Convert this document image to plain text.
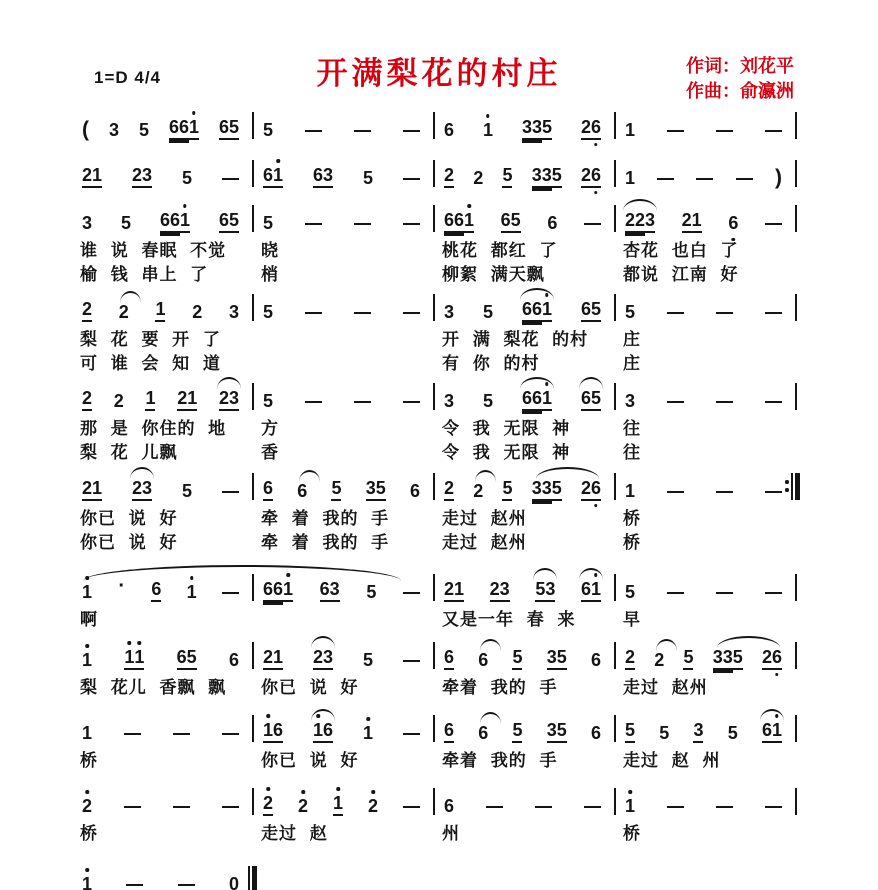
1=D 4/4	开满梨花的村庄	作词：刘花平
作曲：俞瀛洲
( 3 5 66 1 65 5	6 1 33 5 2 6 1
21 23 5	6 1 63 5	2 2 5 33 5 2 6 1	)
3 5 66 1 65
谁 说 春眠 不觉
榆 钱 串上 了
5
晓
梢
66 1 65 6
桃花 都红 了
柳絮 满天飘
22 3 21 6
杏花 也白 了
都说 江南 好
2 2 1 2 3
梨 花 要 开 了
可 谁 会 知 道
5	3 5 66 1 65
开 满 梨花 的村
有 你 的村
5
庄
庄
2 2 1 21 23
那 是 你住的 地
梨 花 儿飘
5
方
香
3 5 66 1 65
令 我 无限 神
令 我 无限 神
3
往
往
21 23 5
你已 说 好
你已 说 好
6 6 5 35 6
牵 着 我的 手
牵 着 我的 手
2 2 5 33 5 2 6
走过 赵州
走过 赵州
1
桥
桥
1 · 6 1
啊
66 1 63 5	21 23 53 6 1
又是一年 春 来
5
早
1 1 1 65 6
梨 花儿 香飘 飘
21 23 5
你已 说 好
6 6 5 35 6
牵着 我的 手
2 2 5 33 5 2 6
走过 赵州
1
桥
1 6 1 6 1
你已 说 好
6 6 5 35 6
牵着 我的 手
5 5 3 5 6 1
走过 赵 州
2
桥
2 2 1 2
走过 赵
6
州
1
桥
1	0
